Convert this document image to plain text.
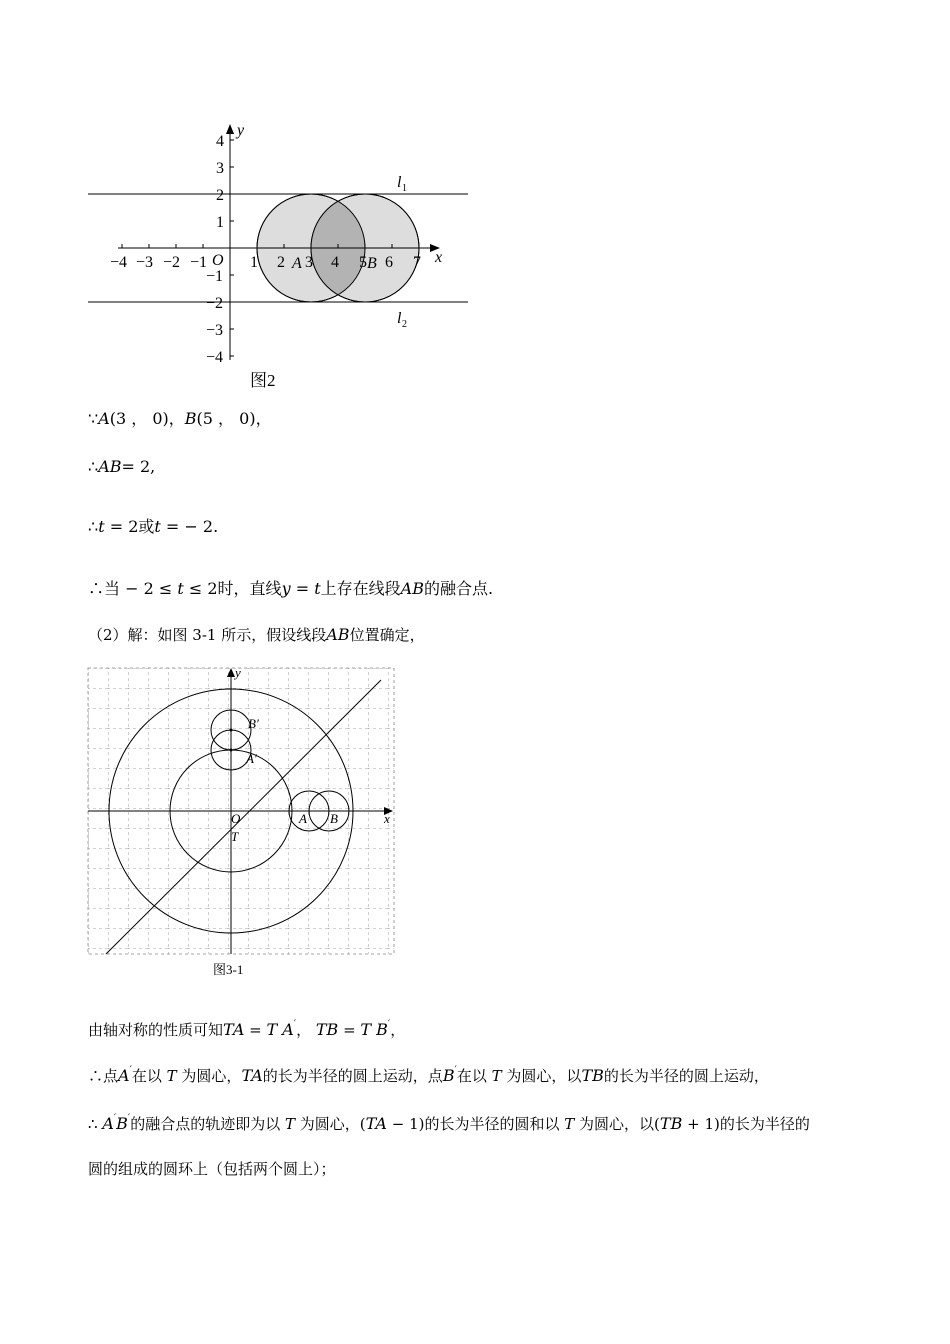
−4 −3 −2 −1	1 2 3 4 5 6 7
4
3
2
1
−1
−2
−3
−4
O
y
x
A	B
l 1
l 2
图2
∵A(3 ， 0)，B(5 ， 0)，
∴AB= 2,
∴t = 2或t = − 2.
∴当 − 2 ≤ t ≤ 2时，直线y = t上存在线段AB的融合点.
（2）解：如图 3-1 所示，假设线段AB位置确定，
y
x
O
T
A B
A′
B′
图3-1
由轴对称的性质可知TA = T A′， TB = T B′，
∴点A′在以 T 为圆心，TA的长为半径的圆上运动，点B′在以 T 为圆心，以TB的长为半径的圆上运动，
∴ A′B′的融合点的轨迹即为以 T 为圆心，(TA − 1)的长为半径的圆和以 T 为圆心，以(TB + 1)的长为半径的
圆的组成的圆环上（包括两个圆上）；
